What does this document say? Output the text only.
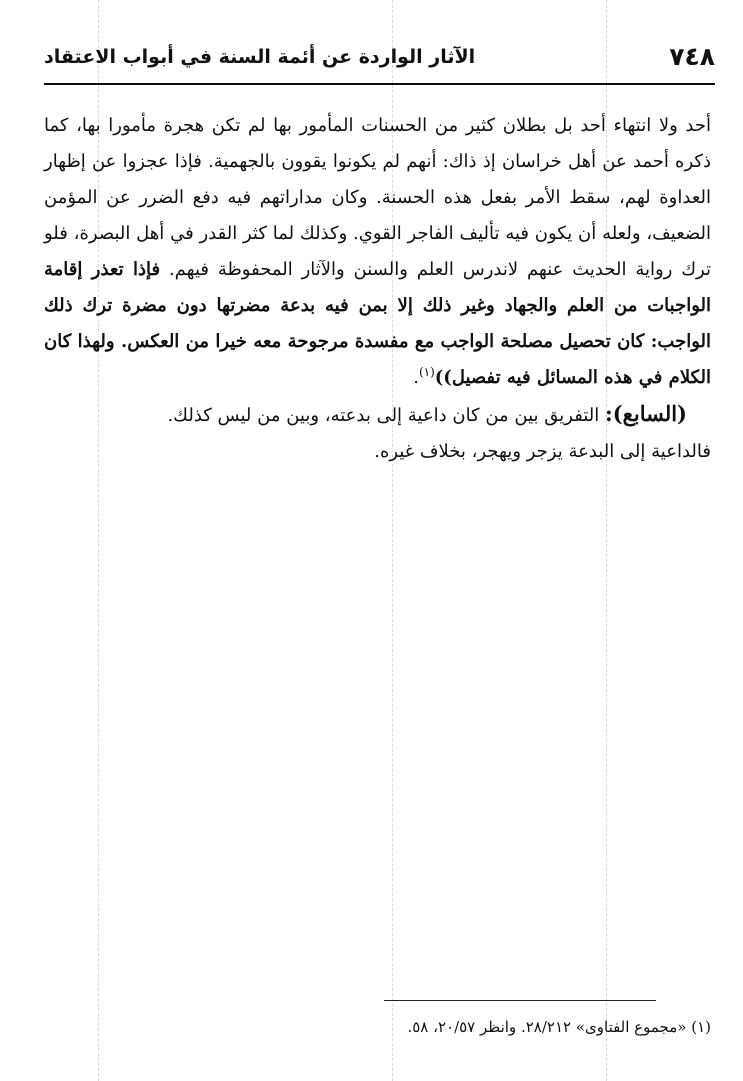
٧٤٨
الآثار الواردة عن أئمة السنة في أبواب الاعتقاد

أحد ولا انتهاء أحد بل بطلان كثير من الحسنات المأمور بها لم تكن هجرة مأمورا بها، كما ذكره أحمد عن أهل خراسان إذ ذاك: أنهم لم يكونوا يقوون بالجهمية. فإذا عجزوا عن إظهار العداوة لهم، سقط الأمر بفعل هذه الحسنة. وكان مداراتهم فيه دفع الضرر عن المؤمن الضعيف، ولعله أن يكون فيه تأليف الفاجر القوي. وكذلك لما كثر القدر في أهل البصرة، فلو ترك رواية الحديث عنهم لاندرس العلم والسنن والآثار المحفوظة فيهم. فإذا تعذر إقامة الواجبات من العلم والجهاد وغير ذلك إلا بمن فيه بدعة مضرتها دون مضرة ترك ذلك الواجب: كان تحصيل مصلحة الواجب مع مفسدة مرجوحة معه خيرا من العكس. ولهذا كان الكلام في هذه المسائل فيه تفصيل))$^{(١)}$.

(السابع): التفريق بين من كان داعية إلى بدعته، وبين من ليس كذلك.

فالداعية إلى البدعة يزجر ويهجر، بخلاف غيره.

(١) «مجموع الفتاوى» ٢٨/٢١٢. وانظر ٢٠/٥٧، ٥٨.
